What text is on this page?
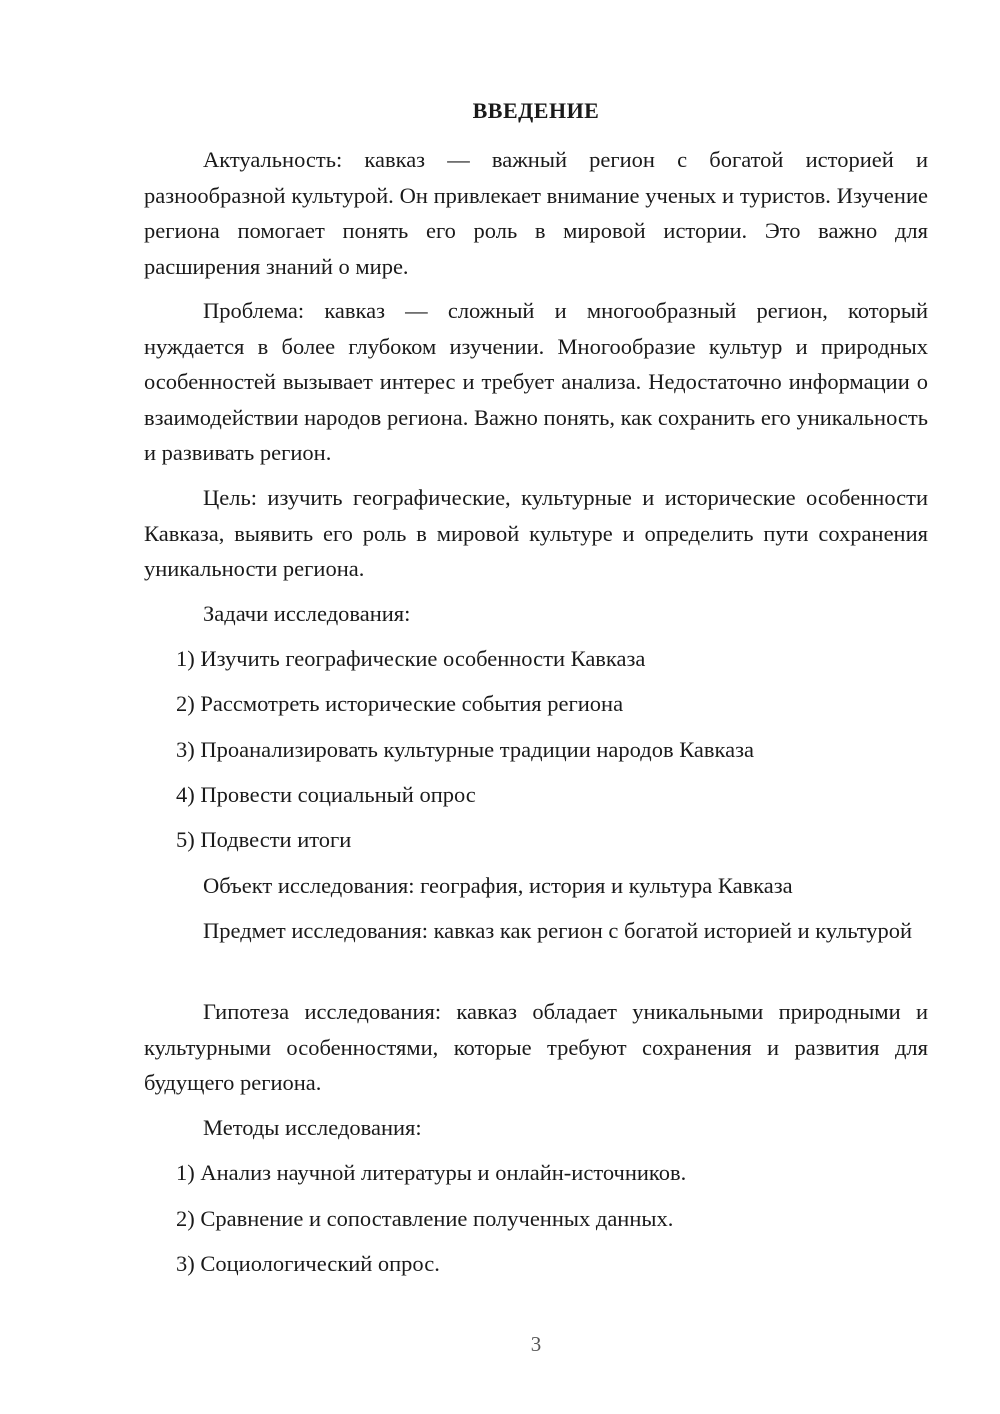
ВВЕДЕНИЕ

Актуальность: кавказ — важный регион с богатой историей и разнообразной культурой. Он привлекает внимание ученых и туристов. Изучение региона помогает понять его роль в мировой истории. Это важно для расширения знаний о мире.

Проблема: кавказ — сложный и многообразный регион, который нуждается в более глубоком изучении. Многообразие культур и природных особенностей вызывает интерес и требует анализа. Недостаточно информации о взаимодействии народов региона. Важно понять, как сохранить его уникальность и развивать регион.

Цель: изучить географические, культурные и исторические особенности Кавказа, выявить его роль в мировой культуре и определить пути сохранения уникальности региона.

Задачи исследования:
1) Изучить географические особенности Кавказа
2) Рассмотреть исторические события региона
3) Проанализировать культурные традиции народов Кавказа
4) Провести социальный опрос
5) Подвести итоги
Объект исследования: география, история и культура Кавказа

Предмет исследования: кавказ как регион с богатой историей и культурой

Гипотеза исследования: кавказ обладает уникальными природными и культурными особенностями, которые требуют сохранения и развития для будущего региона.

Методы исследования:
1) Анализ научной литературы и онлайн-источников.
2) Сравнение и сопоставление полученных данных.
3) Социологический опрос.
3
